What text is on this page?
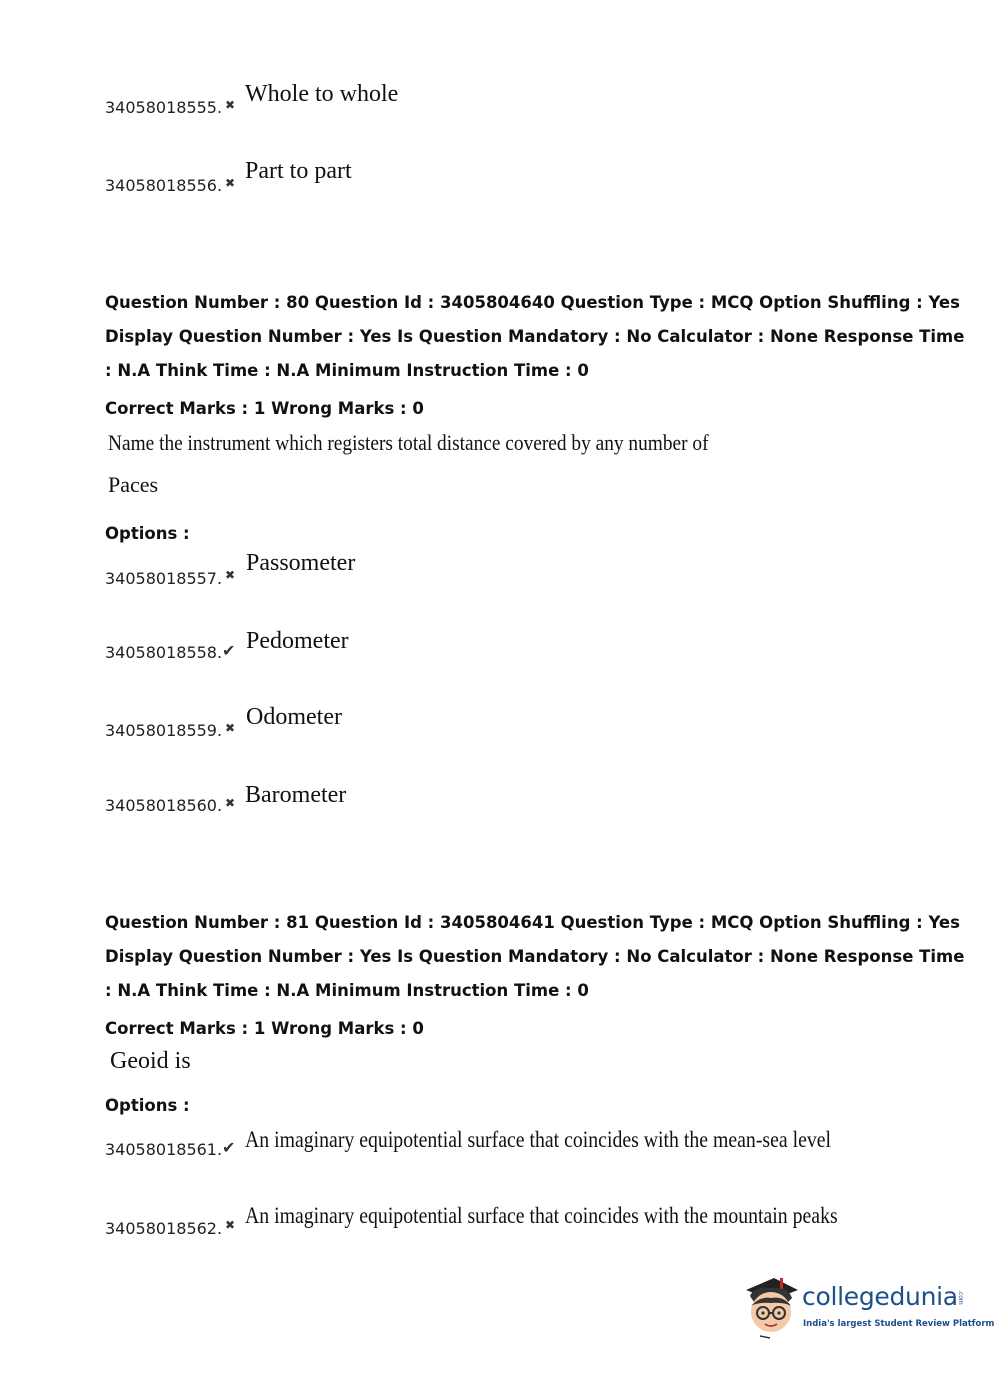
34058018555. ✖ Whole to whole
34058018556. ✖ Part to part
Question Number : 80 Question Id : 3405804640 Question Type : MCQ Option Shuffling : Yes
Display Question Number : Yes Is Question Mandatory : No Calculator : None Response Time
: N.A Think Time : N.A Minimum Instruction Time : 0
Correct Marks : 1 Wrong Marks : 0
Name the instrument which registers total distance covered by any number of
Paces
Options :
34058018557. ✖ Passometer
34058018558. ✔ Pedometer
34058018559. ✖ Odometer
34058018560. ✖ Barometer
Question Number : 81 Question Id : 3405804641 Question Type : MCQ Option Shuffling : Yes
Display Question Number : Yes Is Question Mandatory : No Calculator : None Response Time
: N.A Think Time : N.A Minimum Instruction Time : 0
Correct Marks : 1 Wrong Marks : 0
Geoid is
Options :
34058018561. ✔ An imaginary equipotential surface that coincides with the mean-sea level
34058018562. ✖ An imaginary equipotential surface that coincides with the mountain peaks
collegedunia .com
India's largest Student Review Platform
